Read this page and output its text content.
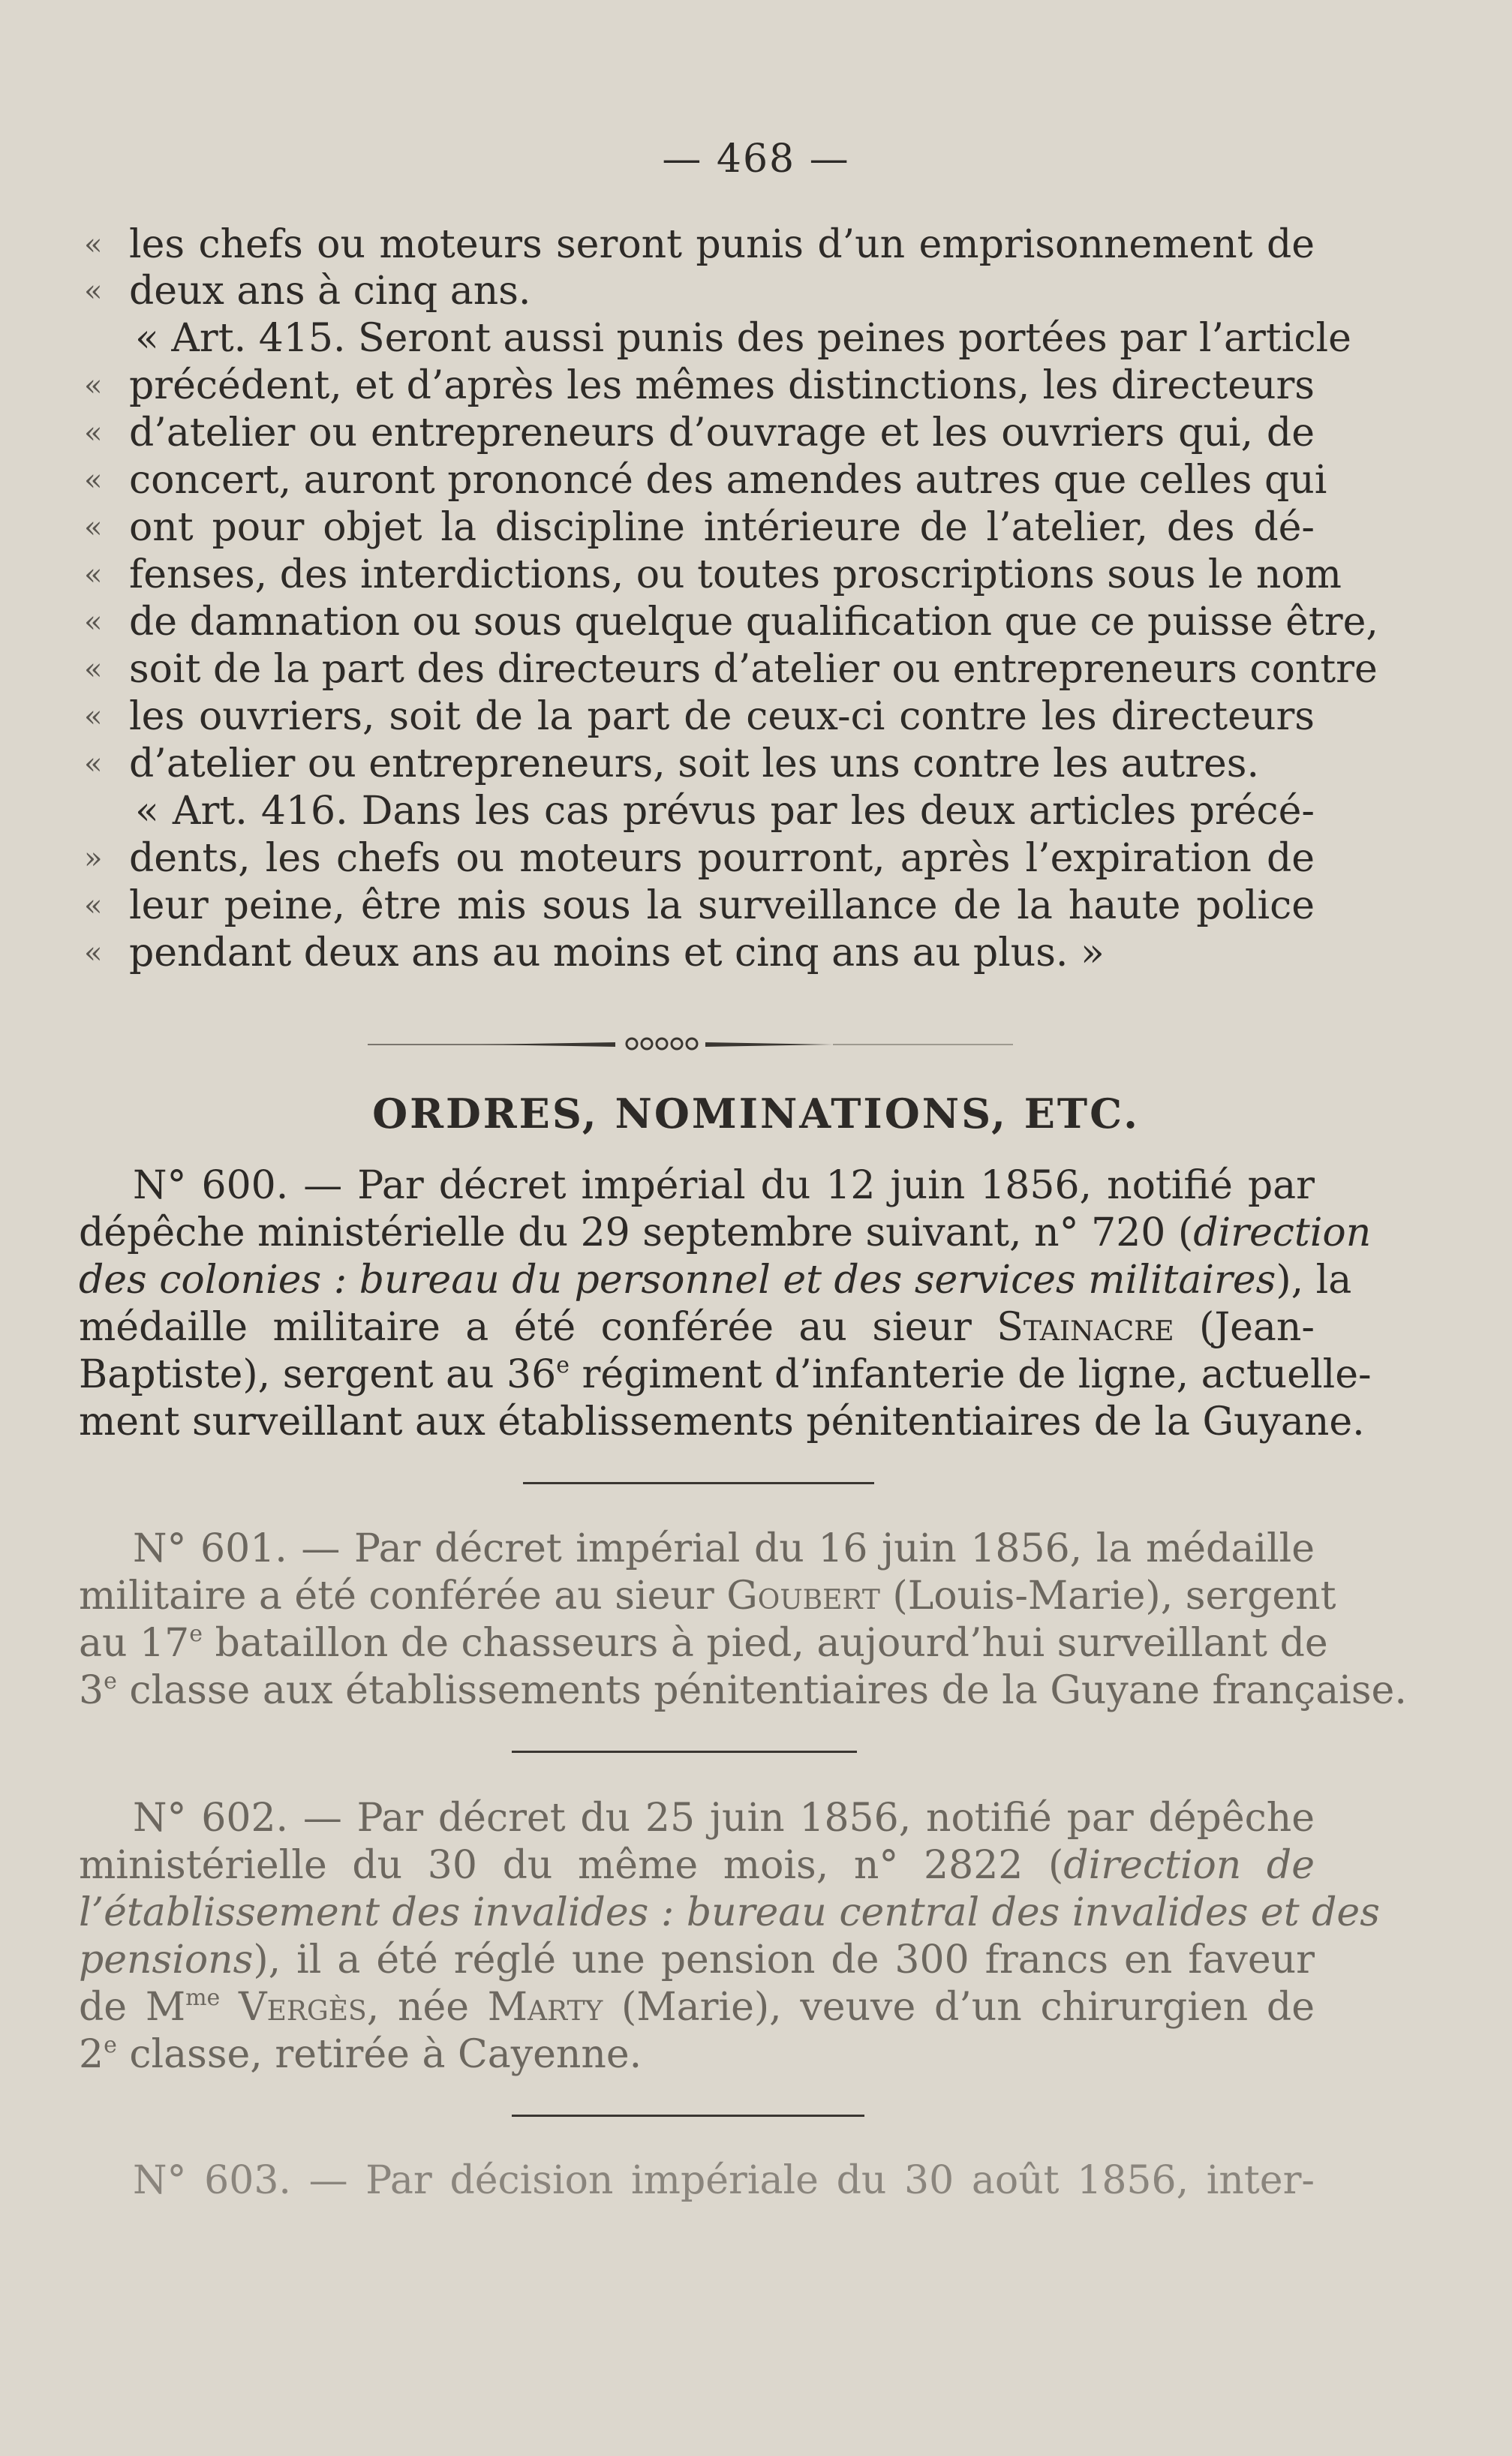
— 468 —
« les chefs ou moteurs seront punis d’un emprisonnement de
« deux ans à cinq ans.
« Art. 415. Seront aussi punis des peines portées par l’article
« précédent, et d’après les mêmes distinctions, les directeurs
« d’atelier ou entrepreneurs d’ouvrage et les ouvriers qui, de
« concert, auront prononcé des amendes autres que celles qui
« ont pour objet la discipline intérieure de l’atelier, des dé-
« fenses, des interdictions, ou toutes proscriptions sous le nom
« de damnation ou sous quelque qualification que ce puisse être,
« soit de la part des directeurs d’atelier ou entrepreneurs contre
« les ouvriers, soit de la part de ceux-ci contre les directeurs
« d’atelier ou entrepreneurs, soit les uns contre les autres.
« Art. 416. Dans les cas prévus par les deux articles précé-
» dents, les chefs ou moteurs pourront, après l’expiration de
« leur peine, être mis sous la surveillance de la haute police
« pendant deux ans au moins et cinq ans au plus. »
ORDRES, NOMINATIONS, ETC.
N° 600. — Par décret impérial du 12 juin 1856, notifié par
dépêche ministérielle du 29 septembre suivant, n° 720 (direction
des colonies : bureau du personnel et des services militaires), la
médaille militaire a été conférée au sieur Stainacre (Jean-
Baptiste), sergent au 36e régiment d’infanterie de ligne, actuelle-
ment surveillant aux établissements pénitentiaires de la Guyane.
N° 601. — Par décret impérial du 16 juin 1856, la médaille
militaire a été conférée au sieur Goubert (Louis-Marie), sergent
au 17e bataillon de chasseurs à pied, aujourd’hui surveillant de
3e classe aux établissements pénitentiaires de la Guyane française.
N° 602. — Par décret du 25 juin 1856, notifié par dépêche
ministérielle du 30 du même mois, n° 2822 (direction de
l’établissement des invalides : bureau central des invalides et des
pensions), il a été réglé une pension de 300 francs en faveur
de $M^{me}$ Vergès, née Marty (Marie), veuve d’un chirurgien de
2e classe, retirée à Cayenne.
N° 603. — Par décision impériale du 30 août 1856, inter-
